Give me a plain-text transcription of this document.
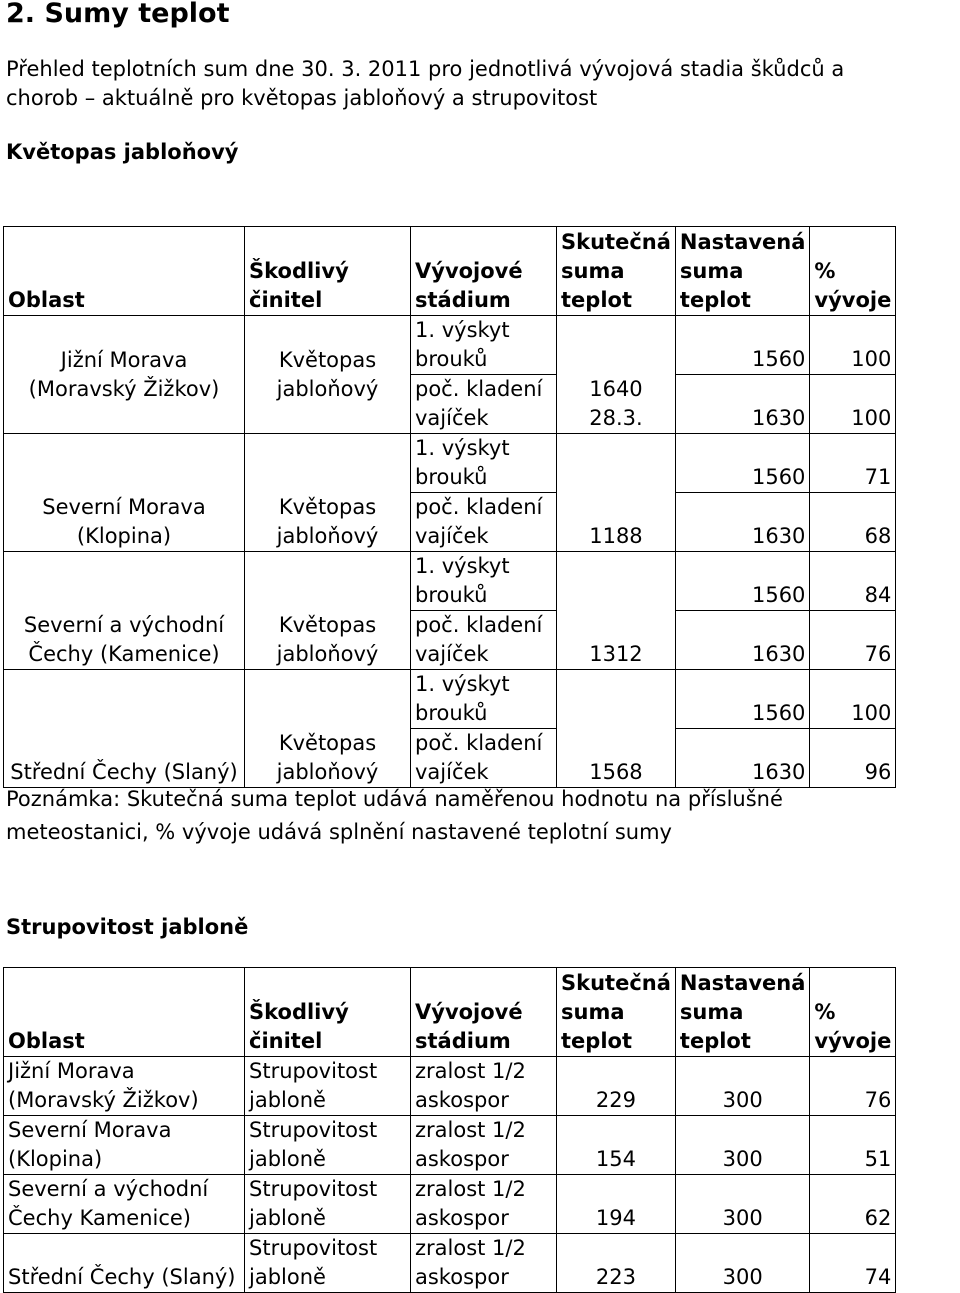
2. Sumy teplot

Přehled teplotních sum dne 30. 3. 2011 pro jednotlivá vývojová stadia škůdců a chorob – aktuálně pro květopas jabloňový a strupovitost

Květopas jabloňový

Oblast	Škodlivý činitel	Vývojové stádium	Skutečná suma teplot	Nastavená suma teplot	% vývoje
Jižní Morava (Moravský Žižkov)	Květopas jabloňový	1. výskyt brouků	1640 28.3.	1560	100
		poč. kladení vajíček		1630	100
Severní Morava (Klopina)	Květopas jabloňový	1. výskyt brouků	1188	1560	71
		poč. kladení vajíček		1630	68
Severní a východní Čechy (Kamenice)	Květopas jabloňový	1. výskyt brouků	1312	1560	84
		poč. kladení vajíček		1630	76
Střední Čechy (Slaný)	Květopas jabloňový	1. výskyt brouků	1568	1560	100
		poč. kladení vajíček		1630	96

Poznámka: Skutečná suma teplot udává naměřenou hodnotu na příslušné meteostanici, % vývoje udává splnění nastavené teplotní sumy

Strupovitost jabloně

Oblast	Škodlivý činitel	Vývojové stádium	Skutečná suma teplot	Nastavená suma teplot	% vývoje
Jižní Morava (Moravský Žižkov)	Strupovitost jabloně	zralost 1/2 askospor	229	300	76
Severní Morava (Klopina)	Strupovitost jabloně	zralost 1/2 askospor	154	300	51
Severní a východní Čechy Kamenice)	Strupovitost jabloně	zralost 1/2 askospor	194	300	62
Střední Čechy (Slaný)	Strupovitost jabloně	zralost 1/2 askospor	223	300	74
